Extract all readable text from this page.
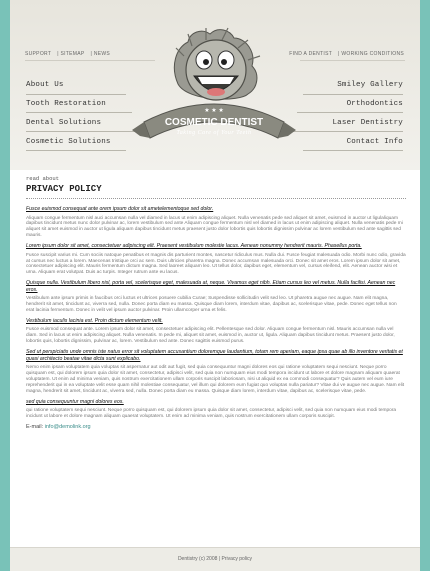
SUPPORT | SITEMAP | NEWS	FIND A DENTIST | WORKING CONDITIONS
About Us
Tooth Restoration
Dental Solutions
Cosmetic Solutions
Smiley Gallery
Orthodontics
Laser Dentistry
Contact Info
COSMETIC DENTIST
Taking Care of Your Teeth
★ ★ ★
read about
PRIVACY POLICY
Fusce euismod consequat ante orem ipsum dolor sit ametelementoque sed dolor.
Aliquam congue fermentum nisl auci accumsan nulla vel diamed in lacus ut enim adipiscing aliquet. Nulla venenatis pede sed aliquet sit amet, euismod in auctor ut ligulaliquam dapibus tincidunt metus nunc dolor pulvinar ac, lorem vestibulum sed ante Aliquam congue fermentum nisl vel diamed in lacus ut enim adipiscing aliquet. Nulla venenatis pede mi aliquet sit amet euismod in auctor ut ligula aliquam dapibus tincidunt metus praesent justo dolor lobortis quis lobortis dignissim pulvinar ac lorem vestibulum sed ante sagittis sed mauris.
Lorem ipsum dolor sit amet, consectetuer adipiscing elit. Praesent vestibulum molestie lacus. Aenean nonummy hendrerit mauris. Phasellus porta.
Fusce suscipit varius mi. Cum sociis natoque penatibus et magnis dis parturient montes, nascetur ridiculus mus. Nulla dui. Fusce feugiat malesuada odio. Morbi nunc odio, gravida at cursus nec luctus a lorem. Maecenas tristique orci ac sem. Duis ultricies pharetra magna. Donec accumsan malesuada orci. Donec sit amet eros. Lorem ipsum dolor sit amet, consectetuer adipiscing elit. Mauris fermentum dictum magna. Sed laoreet aliquam leo. Ut tellus dolor, dapibus eget, elementum vel, cursus eleifend, elit. Aenean auctor wisi et urna. Aliquam erat volutpat. Duis ac turpis. Integer rutrum ante eu lacus.
Quisque nulla. Vestibulum libero nisl, porta vel, scelerisque eget, malesuada at, neque. Vivamus eget nibh. Etiam cursus leo vel metus. Nulla facilisi. Aenean nec eros.
Vestibulum ante ipsum primis in faucibus orci luctus et ultrices posuere cubilia Curae; Suspendisse sollicitudin velit sed leo. Ut pharetra augue nec augue. Nam elit magna, hendrerit sit amet, tincidunt ac, viverra sed, nulla. Donec porta diam eu massa. Quisque diam lorem, interdum vitae, dapibus ac, scelerisque vitae, pede. Donec eget tellus non erat lacinia fermentum. Donec in velit vel ipsum auctor pulvinar. Proin ullamcorper urna et felis.
Vestibulum iaculis lacinia est. Proin dictum elementum velit.
Fusce euismod consequat ante. Lorem ipsum dolor sit amet, consectetuer adipiscing elit. Pellentesque sed dolor. Aliquam congue fermentum nisl. Mauris accumsan nulla vel diam. Sed in lacus ut enim adipiscing aliquet. Nulla venenatis. In pede mi, aliquet sit amet, euismod in, auctor ut, ligula. Aliquam dapibus tincidunt metus. Praesent justo dolor, lobortis quis, lobortis dignissim, pulvinar ac, lorem. Vestibulum sed ante. Donec sagittis euismod purus.
Sed ut perspiciatis unde omnis iste natus error sit voluptatem accusantium doloremque laudantium, totam rem aperiam, eaque ipsa quae ab illo inventore veritatis et quasi architecto beatae vitae dicta sunt explicabo.
Nemo enim ipsam voluptatem quia voluptas sit aspernatur aut odit aut fugit, sed quia consequuntur magni dolores eos qui ratione voluptatem sequi nesciunt. Neque porro quisquam est, qui dolorem ipsum quia dolor sit amet, consectetur, adipisci velit, sed quia non numquam eius modi tempora incidunt ut labore et dolore magnam aliquam quaerat voluptatem. Ut enim ad minima veniam, quis nostrum exercitationem ullam corporis suscipit laboriosam, nisi ut aliquid ex ea commodi consequatur? Quis autem vel eum iure reprehenderit qui in ea voluptate velit esse quam nihil molestiae consequatur, vel illum qui dolorem eum fugiat quo voluptas nulla pariatur? Vitae dui ve augue nec augue. Nam elit magna, hendrerit sit amet, tincidunt ac, viverra sed, nulla. Donec porta diam eu massa. Quisque diam lorem, interdum vitae, dapibus ac, scelerisque vitae, pede.
sed quia consequuntur magni dolores eos.
qui ratione voluptatem sequi nesciunt. Neque porro quisquam est, qui dolorem ipsum quia dolor sit amet, consectetur, adipisci velit, sed quia non numquam eius modi tempora incidunt ut labore et dolore magnam aliquam quaerat voluptatem. Ut enim ad minima veniam, quis nostrum exercitationem ullam corporis suscipit.
E-mail: info@demolink.org
Dentistry (c) 2008 | Privacy policy
